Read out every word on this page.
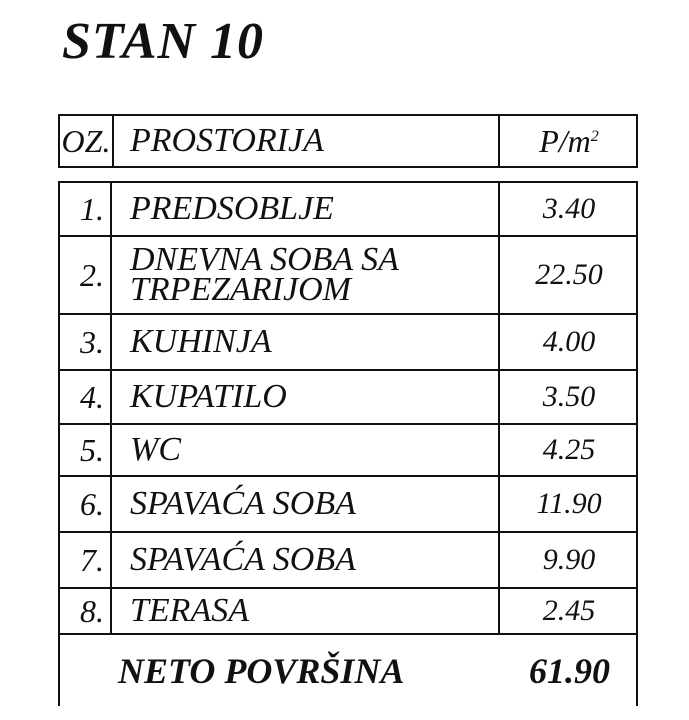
STAN 10
OZ. PROSTORIJA	$P/m^2$
1. PREDSOBLJE	3.40
2. DNEVNA SOBA SA TRPEZARIJOM	22.50
3. KUHINJA	4.00
4. KUPATILO	3.50
5. WC	4.25
6. SPAVAĆA SOBA	11.90
7. SPAVAĆA SOBA	9.90
8. TERASA	2.45
NETO POVRŠINA	61.90
